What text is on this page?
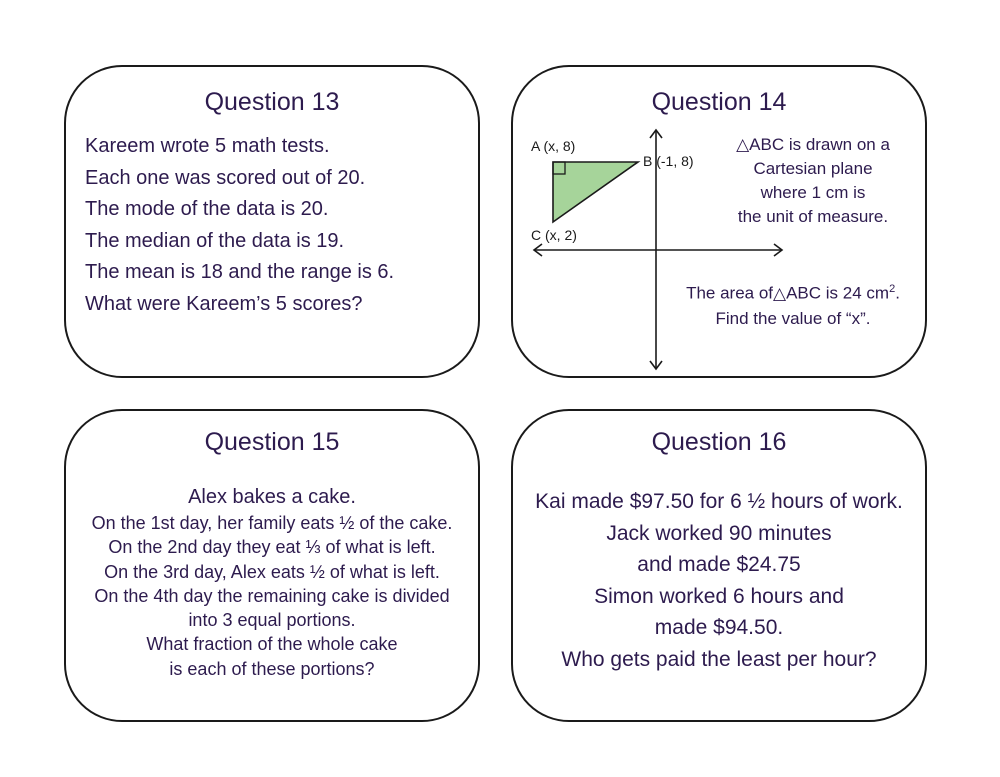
Question 13
Kareem wrote 5 math tests.
Each one was scored out of 20.
The mode of the data is 20.
The median of the data is 19.
The mean is 18 and the range is 6.
What were Kareem’s 5 scores?
Question 14
A (x, 8)
B (-1, 8)
C (x, 2)
△ABC is drawn on a
Cartesian plane
where 1 cm is
the unit of measure.
The area of△ABC is 24 $cm^2$.
Find the value of “x”.
Question 15
Alex bakes a cake.
On the 1st day, her family eats ½ of the cake.
On the 2nd day they eat ⅓ of what is left.
On the 3rd day, Alex eats ½ of what is left.
On the 4th day the remaining cake is divided
into 3 equal portions.
What fraction of the whole cake
is each of these portions?
Question 16
Kai made $97.50 for 6 ½ hours of work.
Jack worked 90 minutes
and made $24.75
Simon worked 6 hours and
made $94.50.
Who gets paid the least per hour?
